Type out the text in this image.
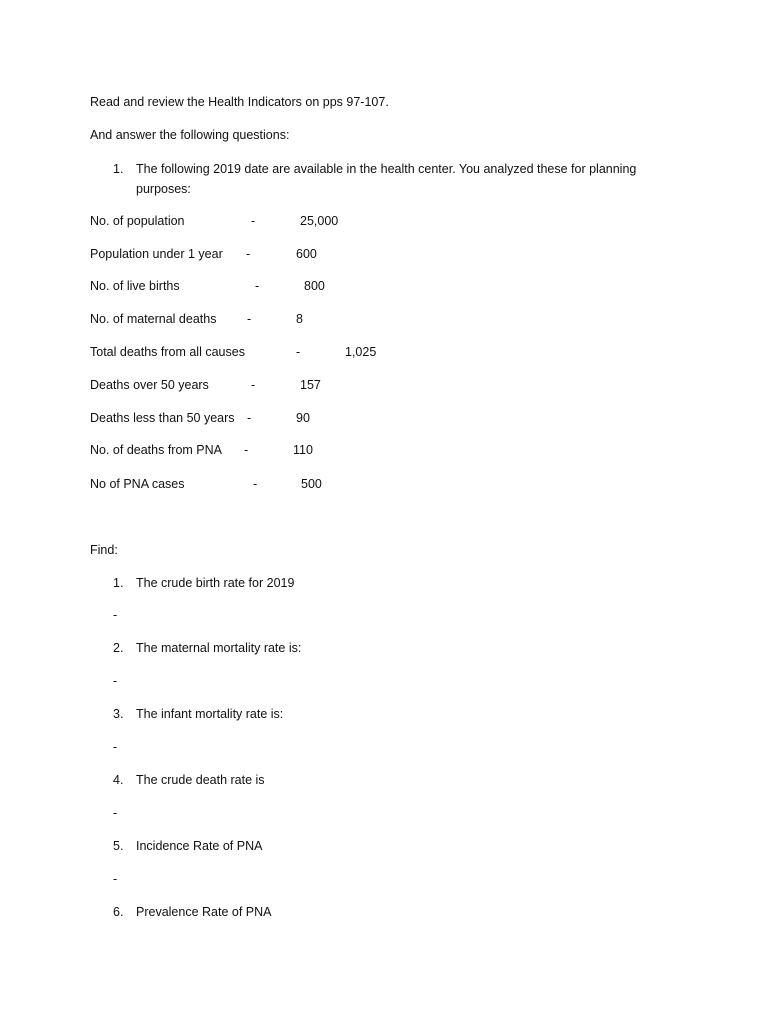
Read and review the Health Indicators on pps 97-107.
And answer the following questions:
1. The following 2019 date are available in the health center. You analyzed these for planning
purposes:
No. of population	-	25,000
Population under 1 year -	600
No. of live births	-	800
No. of maternal deaths -	8
Total deaths from all causes	-	1,025
Deaths over 50 years	-	157
Deaths less than 50 years -	90
No. of deaths from PNA -	110
No of PNA cases	-	500
Find:
1. The crude birth rate for 2019
-
2. The maternal mortality rate is:
-
3. The infant mortality rate is:
-
4. The crude death rate is
-
5. Incidence Rate of PNA
-
6. Prevalence Rate of PNA
